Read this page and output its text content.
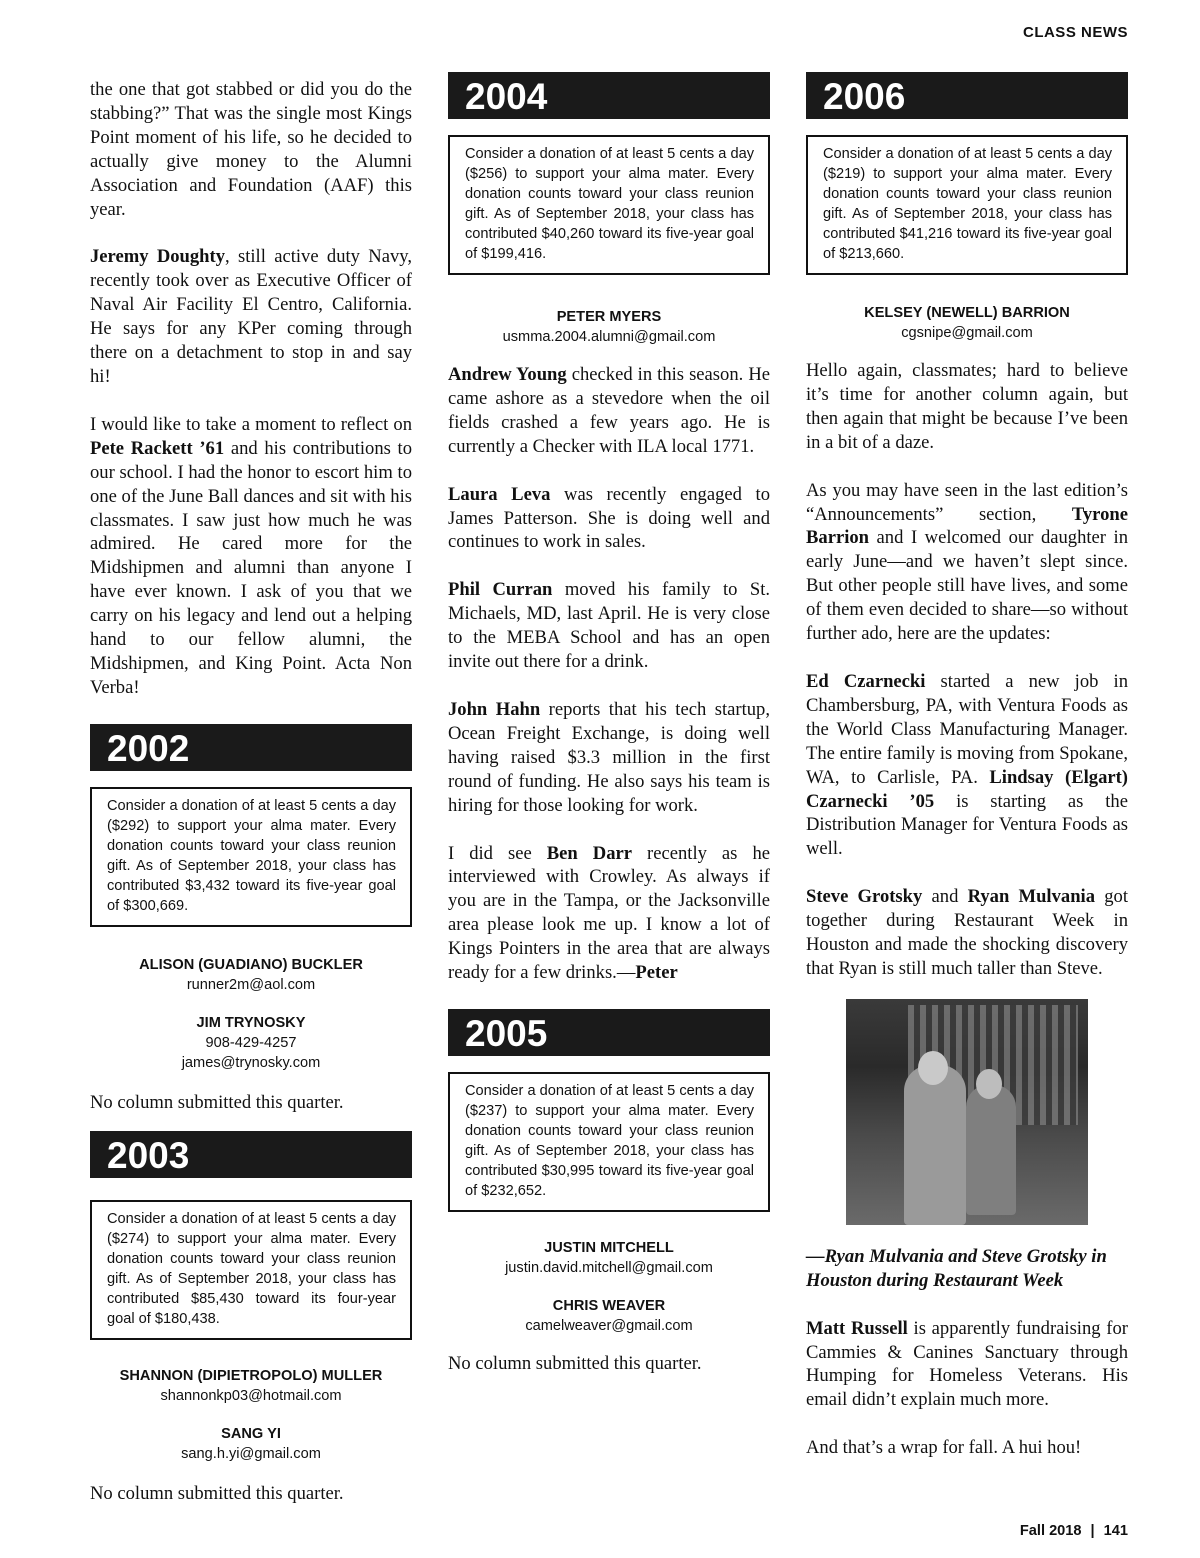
CLASS NEWS

the one that got stabbed or did you do the stabbing?” That was the single most Kings Point moment of his life, so he decided to actually give money to the Alumni Association and Foundation (AAF) this year.

Jeremy Doughty, still active duty Navy, recently took over as Executive Officer of Naval Air Facility El Centro, California. He says for any KPer coming through there on a detachment to stop in and say hi!

I would like to take a moment to reflect on Pete Rackett ’61 and his contributions to our school. I had the honor to escort him to one of the June Ball dances and sit with his classmates. I saw just how much he was admired. He cared more for the Midshipmen and alumni than anyone I have ever known. I ask of you that we carry on his legacy and lend out a helping hand to our fellow alumni, the Midshipmen, and King Point. Acta Non Verba!

2002
Consider a donation of at least 5 cents a day ($292) to support your alma mater. Every donation counts toward your class reunion gift. As of September 2018, your class has contributed $3,432 toward its five-year goal of $300,669.
ALISON (GUADIANO) BUCKLER
runner2m@aol.com
JIM TRYNOSKY
908-429-4257
james@trynosky.com

No column submitted this quarter.

2003
Consider a donation of at least 5 cents a day ($274) to support your alma mater. Every donation counts toward your class reunion gift. As of September 2018, your class has contributed $85,430 toward its four-year goal of $180,438.
SHANNON (DIPIETROPOLO) MULLER
shannonkp03@hotmail.com
SANG YI
sang.h.yi@gmail.com

No column submitted this quarter.

2004
Consider a donation of at least 5 cents a day ($256) to support your alma mater. Every donation counts toward your class reunion gift. As of September 2018, your class has contributed $40,260 toward its five-year goal of $199,416.
PETER MYERS
usmma.2004.alumni@gmail.com

Andrew Young checked in this season. He came ashore as a stevedore when the oil fields crashed a few years ago. He is currently a Checker with ILA local 1771.

Laura Leva was recently engaged to James Patterson. She is doing well and continues to work in sales.

Phil Curran moved his family to St. Michaels, MD, last April. He is very close to the MEBA School and has an open invite out there for a drink.

John Hahn reports that his tech startup, Ocean Freight Exchange, is doing well having raised $3.3 million in the first round of funding. He also says his team is hiring for those looking for work.

I did see Ben Darr recently as he interviewed with Crowley. As always if you are in the Tampa, or the Jacksonville area please look me up. I know a lot of Kings Pointers in the area that are always ready for a few drinks.—Peter

2005
Consider a donation of at least 5 cents a day ($237) to support your alma mater. Every donation counts toward your class reunion gift. As of September 2018, your class has contributed $30,995 toward its five-year goal of $232,652.
JUSTIN MITCHELL
justin.david.mitchell@gmail.com
CHRIS WEAVER
camelweaver@gmail.com

No column submitted this quarter.

2006
Consider a donation of at least 5 cents a day ($219) to support your alma mater. Every donation counts toward your class reunion gift. As of September 2018, your class has contributed $41,216 toward its five-year goal of $213,660.
KELSEY (NEWELL) BARRION
cgsnipe@gmail.com

Hello again, classmates; hard to believe it’s time for another column again, but then again that might be because I’ve been in a bit of a daze.

As you may have seen in the last edition’s “Announcements” section, Tyrone Barrion and I welcomed our daughter in early June—and we haven’t slept since. But other people still have lives, and some of them even decided to share—so without further ado, here are the updates:

Ed Czarnecki started a new job in Chambersburg, PA, with Ventura Foods as the World Class Manufacturing Manager. The entire family is moving from Spokane, WA, to Carlisle, PA. Lindsay (Elgart) Czarnecki ’05 is starting as the Distribution Manager for Ventura Foods as well.

Steve Grotsky and Ryan Mulvania got together during Restaurant Week in Houston and made the shocking discovery that Ryan is still much taller than Steve.

—Ryan Mulvania and Steve Grotsky in Houston during Restaurant Week

Matt Russell is apparently fundraising for Cammies & Canines Sanctuary through Humping for Homeless Veterans. His email didn’t explain much more.

And that’s a wrap for fall. A hui hou!

Fall 2018 | 141
